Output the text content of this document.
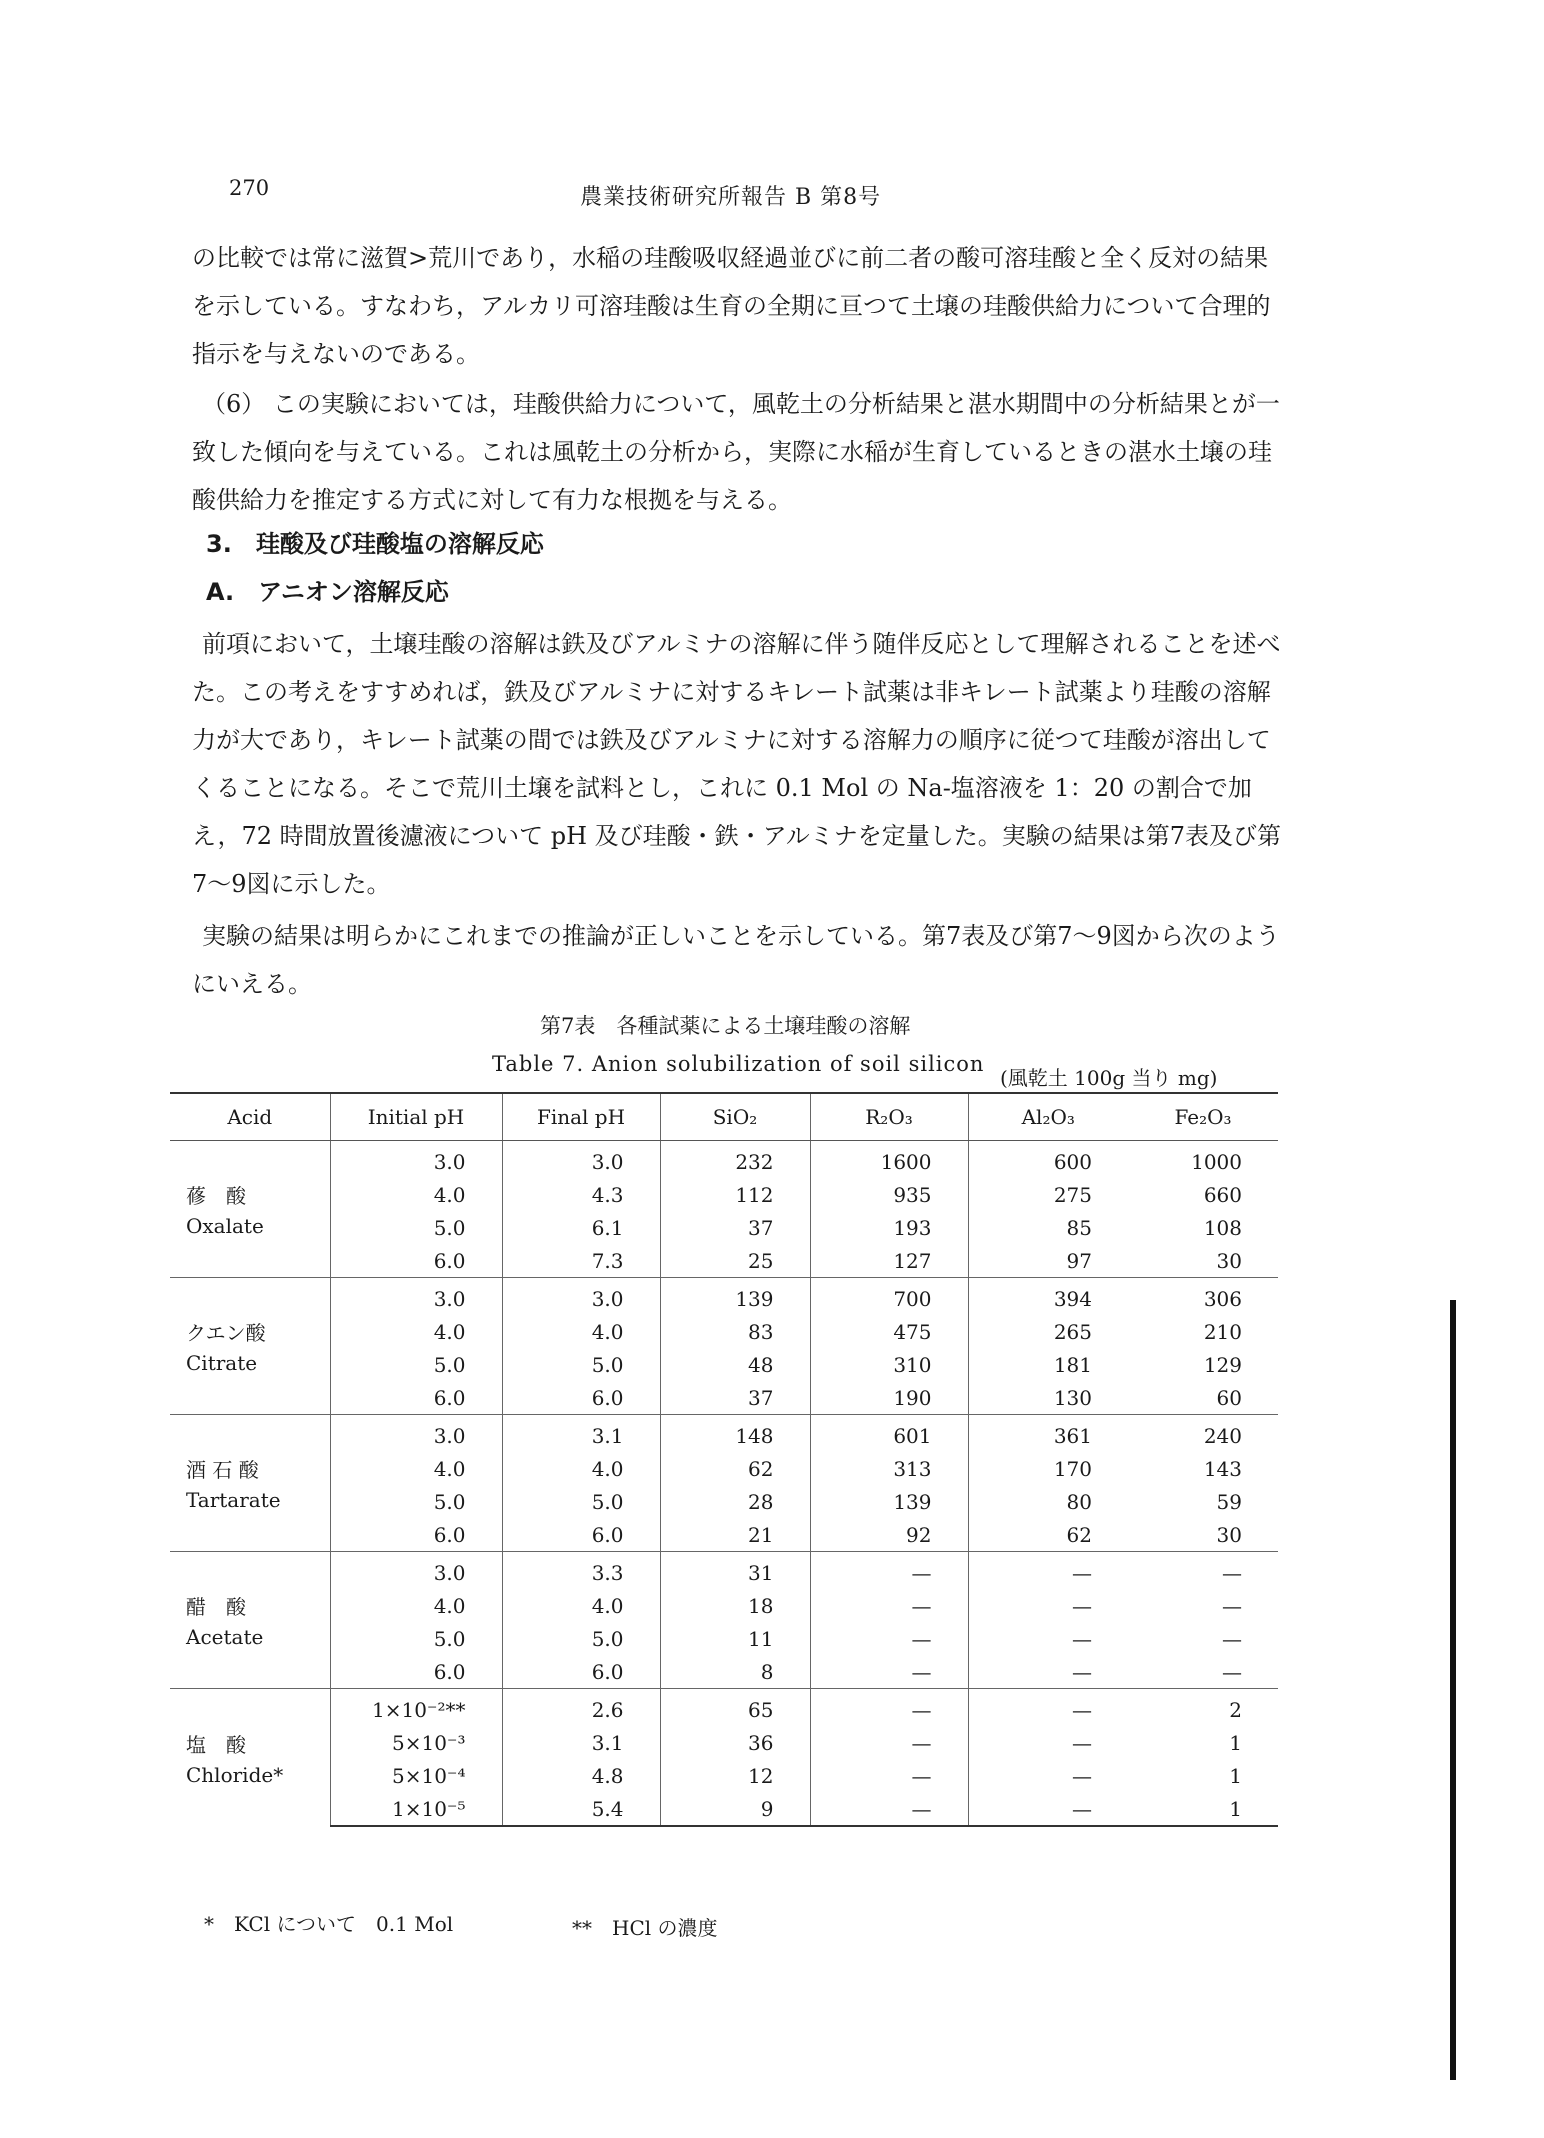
270	農業技術研究所報告 B 第8号
の比較では常に滋賀>荒川であり，水稲の珪酸吸収経過並びに前二者の酸可溶珪酸と全く反対の結果を示している。すなわち，アルカリ可溶珪酸は生育の全期に亘つて土壌の珪酸供給力について合理的指示を与えないのである。
（6） この実験においては，珪酸供給力について，風乾土の分析結果と湛水期間中の分析結果とが一致した傾向を与えている。これは風乾土の分析から，実際に水稲が生育しているときの湛水土壌の珪酸供給力を推定する方式に対して有力な根拠を与える。
3.　珪酸及び珪酸塩の溶解反応
A.　アニオン溶解反応
前項において，土壌珪酸の溶解は鉄及びアルミナの溶解に伴う随伴反応として理解されることを述べた。この考えをすすめれば，鉄及びアルミナに対するキレート試薬は非キレート試薬より珪酸の溶解力が大であり，キレート試薬の間では鉄及びアルミナに対する溶解力の順序に従つて珪酸が溶出してくることになる。そこで荒川土壌を試料とし，これに 0.1 Mol の Na-塩溶液を 1：20 の割合で加え，72 時間放置後濾液について pH 及び珪酸・鉄・アルミナを定量した。実験の結果は第7表及び第7～9図に示した。
実験の結果は明らかにこれまでの推論が正しいことを示している。第7表及び第7～9図から次のようにいえる。
第7表　各種試薬による土壌珪酸の溶解
Table 7. Anion solubilization of soil silicon
(風乾土 100g 当り mg)
Acid	Initial pH	Final pH	SiO₂	R₂O₃	Al₂O₃	Fe₂O₃

蓚　酸
Oxalate	3.0	3.0	232	1600	600	1000
	4.0	4.3	112	935	275	660
	5.0	6.1	37	193	85	108
	6.0	7.3	25	127	97	30

クエン酸
Citrate	3.0	3.0	139	700	394	306
	4.0	4.0	83	475	265	210
	5.0	5.0	48	310	181	129
	6.0	6.0	37	190	130	60

酒 石 酸
Tartarate	3.0	3.1	148	601	361	240
	4.0	4.0	62	313	170	143
	5.0	5.0	28	139	80	59
	6.0	6.0	21	92	62	30

醋　酸
Acetate	3.0	3.3	31	—	—	—
	4.0	4.0	18	—	—	—
	5.0	5.0	11	—	—	—
	6.0	6.0	8	—	—	—

塩　酸
Chloride*	1×10⁻²**	2.6	65	—	—	2
	5×10⁻³	3.1	36	—	—	1
	5×10⁻⁴	4.8	12	—	—	1
	1×10⁻⁵	5.4	9	—	—	1
*　KCl について　0.1 Mol	**　HCl の濃度
